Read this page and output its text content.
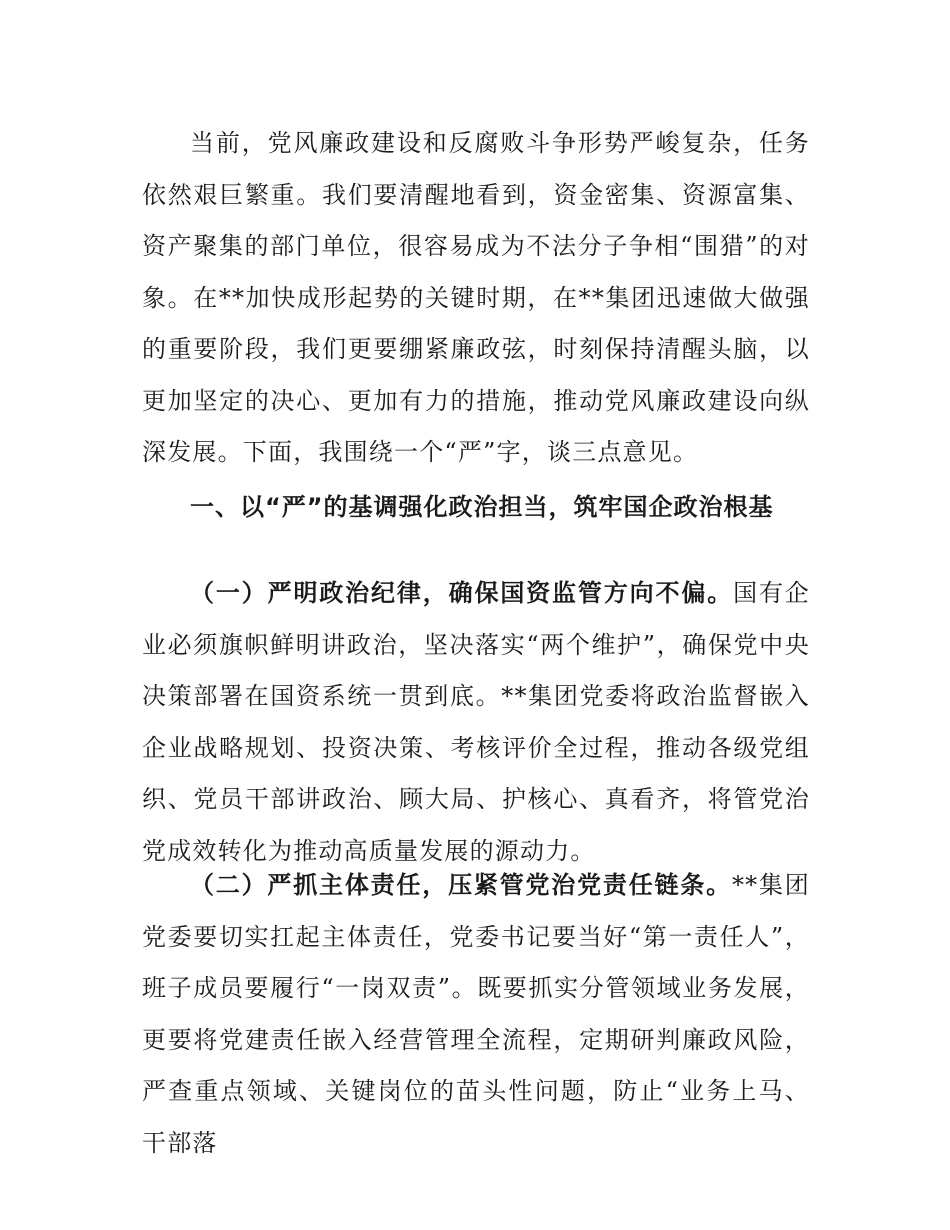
当前，党风廉政建设和反腐败斗争形势严峻复杂，任务依然艰巨繁重。我们要清醒地看到，资金密集、资源富集、资产聚集的部门单位，很容易成为不法分子争相“围猎”的对象。在**加快成形起势的关键时期，在**集团迅速做大做强的重要阶段，我们更要绷紧廉政弦，时刻保持清醒头脑，以更加坚定的决心、更加有力的措施，推动党风廉政建设向纵深发展。下面，我围绕一个“严”字，谈三点意见。

一、以“严”的基调强化政治担当，筑牢国企政治根基

（一）严明政治纪律，确保国资监管方向不偏。国有企业必须旗帜鲜明讲政治，坚决落实“两个维护”，确保党中央决策部署在国资系统一贯到底。**集团党委将政治监督嵌入企业战略规划、投资决策、考核评价全过程，推动各级党组织、党员干部讲政治、顾大局、护核心、真看齐，将管党治党成效转化为推动高质量发展的源动力。

（二）严抓主体责任，压紧管党治党责任链条。**集团党委要切实扛起主体责任，党委书记要当好“第一责任人”，班子成员要履行“一岗双责”。既要抓实分管领域业务发展，更要将党建责任嵌入经营管理全流程，定期研判廉政风险，严查重点领域、关键岗位的苗头性问题，防止“业务上马、干部落
